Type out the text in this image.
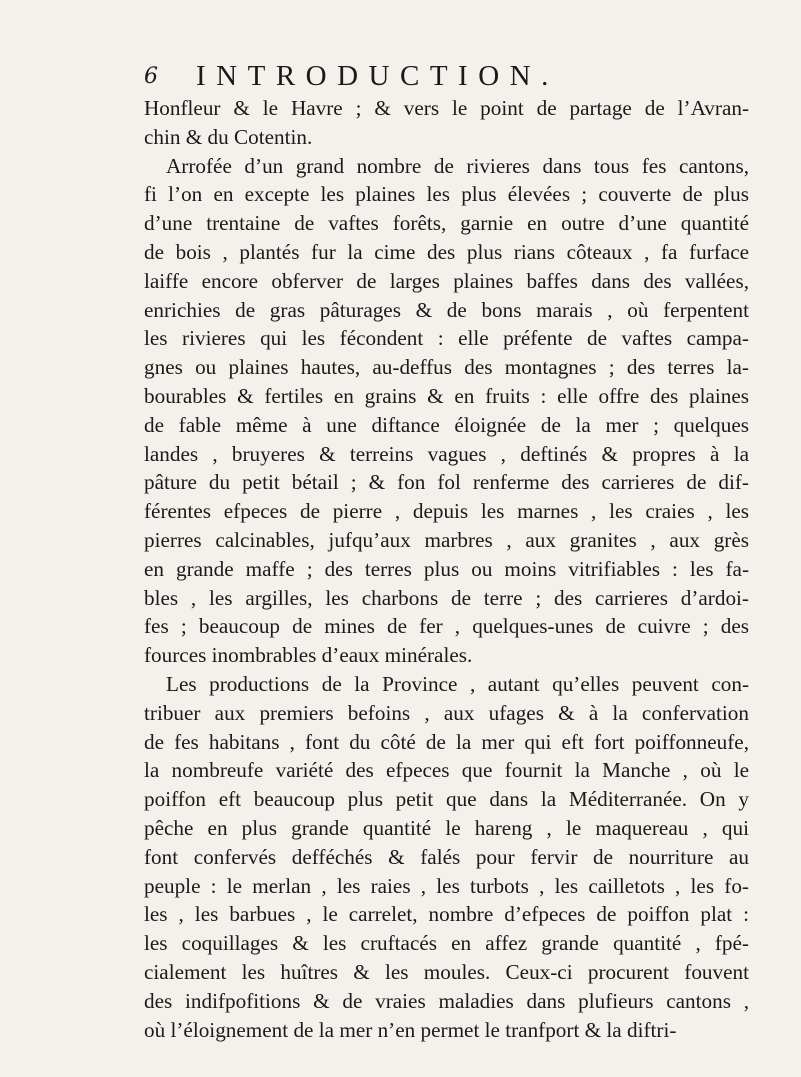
6 INTRODUCTION.
Honfleur & le Havre ; & vers le point de partage de l’Avran-
chin & du Cotentin.
Arrofée d’un grand nombre de rivieres dans tous fes cantons,
fi l’on en excepte les plaines les plus élevées ; couverte de plus
d’une trentaine de vaftes forêts, garnie en outre d’une quantité
de bois , plantés fur la cime des plus rians côteaux , fa furface
laiffe encore obferver de larges plaines baffes dans des vallées,
enrichies de gras pâturages & de bons marais , où ferpentent
les rivieres qui les fécondent : elle préfente de vaftes campa-
gnes ou plaines hautes, au-deffus des montagnes ; des terres la-
bourables & fertiles en grains & en fruits : elle offre des plaines
de fable même à une diftance éloignée de la mer ; quelques
landes , bruyeres & terreins vagues , deftinés & propres à la
pâture du petit bétail ; & fon fol renferme des carrieres de dif-
férentes efpeces de pierre , depuis les marnes , les craies , les
pierres calcinables, jufqu’aux marbres , aux granites , aux grès
en grande maffe ; des terres plus ou moins vitrifiables : les fa-
bles , les argilles, les charbons de terre ; des carrieres d’ardoi-
fes ; beaucoup de mines de fer , quelques-unes de cuivre ; des
fources inombrables d’eaux minérales.
Les productions de la Province , autant qu’elles peuvent con-
tribuer aux premiers befoins , aux ufages & à la confervation
de fes habitans , font du côté de la mer qui eft fort poiffonneufe,
la nombreufe variété des efpeces que fournit la Manche , où le
poiffon eft beaucoup plus petit que dans la Méditerranée. On y
pêche en plus grande quantité le hareng , le maquereau , qui
font confervés defféchés & falés pour fervir de nourriture au
peuple : le merlan , les raies , les turbots , les cailletots , les fo-
les , les barbues , le carrelet, nombre d’efpeces de poiffon plat :
les coquillages & les cruftacés en affez grande quantité , fpé-
cialement les huîtres & les moules. Ceux-ci procurent fouvent
des indifpofitions & de vraies maladies dans plufieurs cantons ,
où l’éloignement de la mer n’en permet le tranfport & la diftri-
